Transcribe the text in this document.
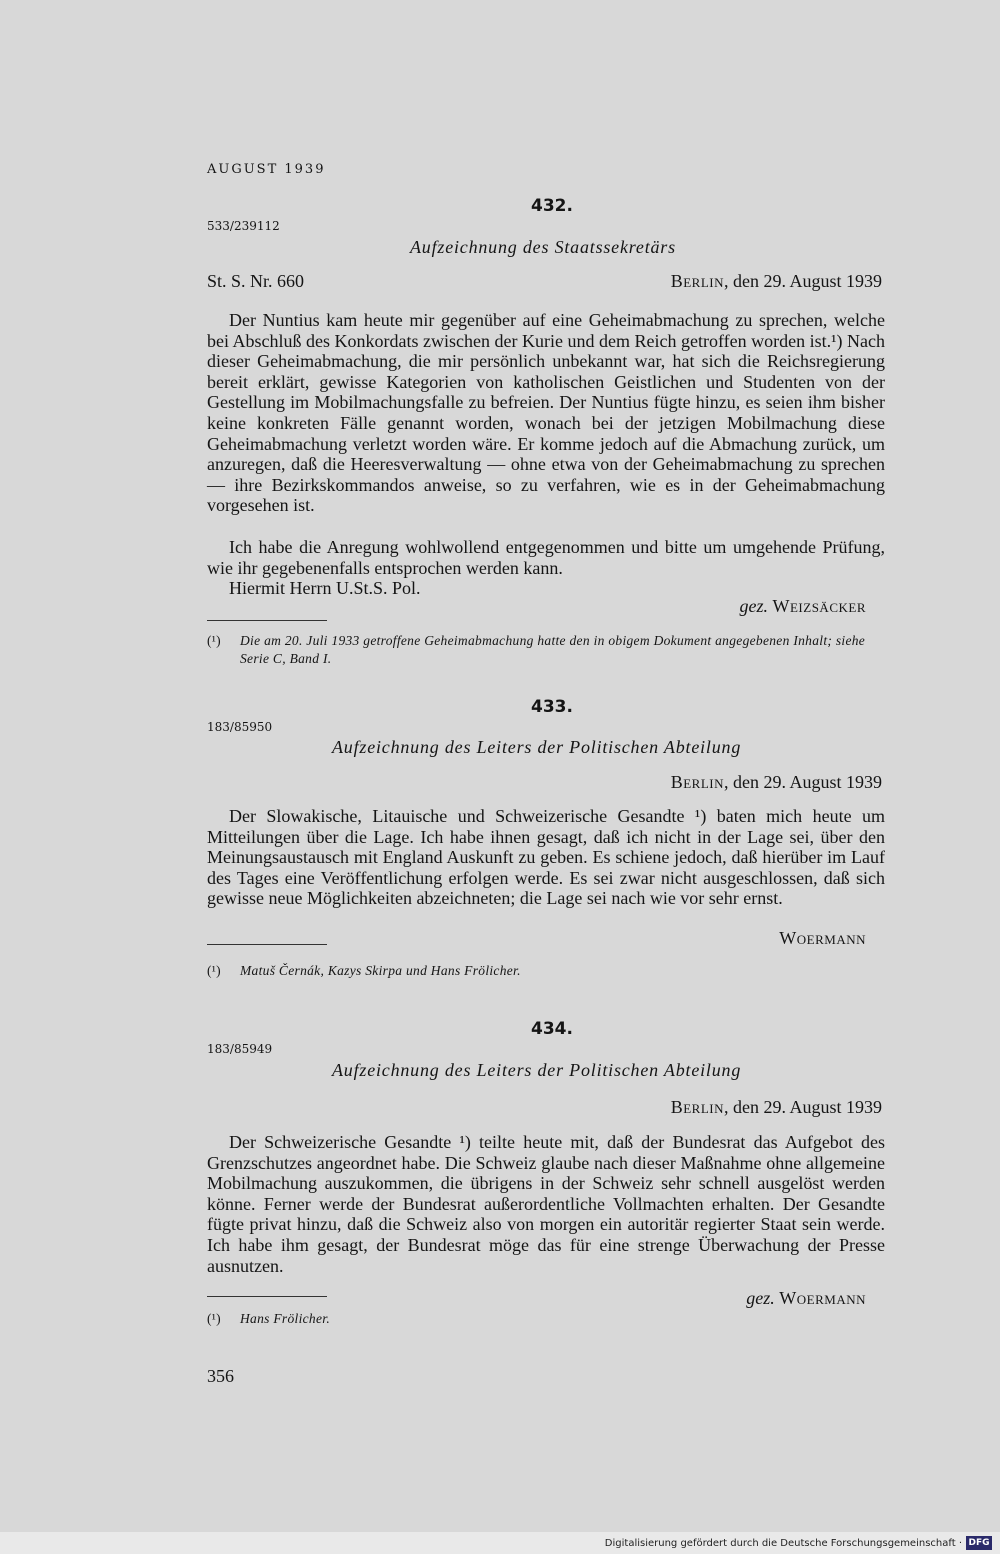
AUGUST 1939
432.
533/239112
Aufzeichnung des Staatssekretärs
St. S. Nr. 660	Berlin, den 29. August 1939
Der Nuntius kam heute mir gegenüber auf eine Geheimabmachung zu sprechen, welche bei Abschluß des Konkordats zwischen der Kurie und dem Reich getroffen worden ist.¹) Nach dieser Geheimabmachung, die mir persönlich unbekannt war, hat sich die Reichsregierung bereit erklärt, gewisse Kategorien von katholischen Geistlichen und Studenten von der Gestellung im Mobilmachungsfalle zu befreien. Der Nuntius fügte hinzu, es seien ihm bisher keine konkreten Fälle genannt worden, wonach bei der jetzigen Mobilmachung diese Geheimabmachung verletzt worden wäre. Er komme jedoch auf die Abmachung zurück, um anzuregen, daß die Heeresverwaltung — ohne etwa von der Geheimabmachung zu sprechen — ihre Bezirkskommandos anweise, so zu verfahren, wie es in der Geheimabmachung vorgesehen ist.
Ich habe die Anregung wohlwollend entgegenommen und bitte um umgehende Prüfung, wie ihr gegebenenfalls entsprochen werden kann.
Hiermit Herrn U.St.S. Pol.
gez. Weizsäcker
(¹) Die am 20. Juli 1933 getroffene Geheimabmachung hatte den in obigem Dokument angegebenen Inhalt; siehe Serie C, Band I.
433.
183/85950
Aufzeichnung des Leiters der Politischen Abteilung
Berlin, den 29. August 1939
Der Slowakische, Litauische und Schweizerische Gesandte ¹) baten mich heute um Mitteilungen über die Lage. Ich habe ihnen gesagt, daß ich nicht in der Lage sei, über den Meinungsaustausch mit England Auskunft zu geben. Es schiene jedoch, daß hierüber im Lauf des Tages eine Veröffentlichung erfolgen werde. Es sei zwar nicht ausgeschlossen, daß sich gewisse neue Möglichkeiten abzeichneten; die Lage sei nach wie vor sehr ernst.
Woermann
(¹) Matuš Černák, Kazys Skirpa und Hans Frölicher.
434.
183/85949
Aufzeichnung des Leiters der Politischen Abteilung
Berlin, den 29. August 1939
Der Schweizerische Gesandte ¹) teilte heute mit, daß der Bundesrat das Aufgebot des Grenzschutzes angeordnet habe. Die Schweiz glaube nach dieser Maßnahme ohne allgemeine Mobilmachung auszukommen, die übrigens in der Schweiz sehr schnell ausgelöst werden könne. Ferner werde der Bundesrat außerordentliche Vollmachten erhalten. Der Gesandte fügte privat hinzu, daß die Schweiz also von morgen ein autoritär regierter Staat sein werde. Ich habe ihm gesagt, der Bundesrat möge das für eine strenge Überwachung der Presse ausnutzen.
gez. Woermann
(¹) Hans Frölicher.
356
Digitalisierung gefördert durch die Deutsche Forschungsgemeinschaft · DFG
